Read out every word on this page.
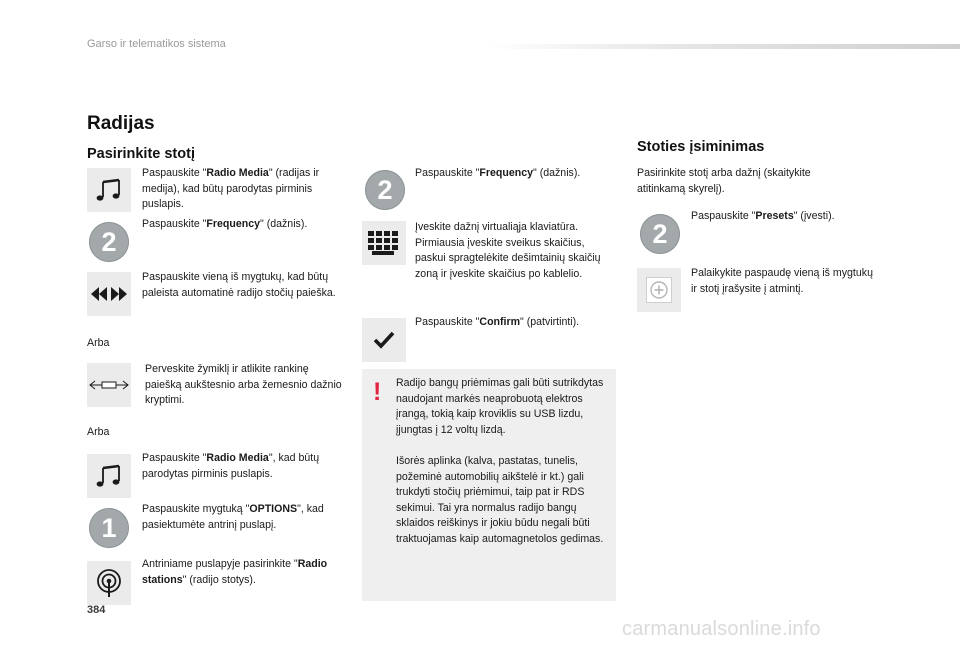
Garso ir telematikos sistema
Radijas
Pasirinkite stotį
Paspauskite "Radio Media" (radijas ir medija), kad būtų parodytas pirminis puslapis.
2
Paspauskite "Frequency" (dažnis).
Paspauskite vieną iš mygtukų, kad būtų paleista automatinė radijo stočių paieška.
Arba
Perveskite žymiklį ir atlikite rankinę paiešką aukštesnio arba žemesnio dažnio kryptimi.
Arba
Paspauskite "Radio Media", kad būtų parodytas pirminis puslapis.
1
Paspauskite mygtuką "OPTIONS", kad pasiektumėte antrinį puslapį.
Antriniame puslapyje pasirinkite "Radio stations" (radijo stotys).
2
Paspauskite "Frequency" (dažnis).
Įveskite dažnį virtualiąja klaviatūra. Pirmiausia įveskite sveikus skaičius, paskui spragtelėkite dešimtainių skaičių zoną ir įveskite skaičius po kablelio.
Paspauskite "Confirm" (patvirtinti).
! Radijo bangų priėmimas gali būti sutrikdytas naudojant markės neaprobuotą elektros įrangą, tokią kaip kroviklis su USB lizdu, įjungtas į 12 voltų lizdą.
Išorės aplinka (kalva, pastatas, tunelis, požeminė automobilių aikštelė ir kt.) gali trukdyti stočių priėmimui, taip pat ir RDS sekimui. Tai yra normalus radijo bangų sklaidos reiškinys ir jokiu būdu negali būti traktuojamas kaip automagnetolos gedimas.
Stoties įsiminimas
Pasirinkite stotį arba dažnį (skaitykite atitinkamą skyrelį).
2
Paspauskite "Presets" (įvesti).
Palaikykite paspaudę vieną iš mygtukų ir stotį įrašysite į atmintį.
384
carmanualsonline.info
